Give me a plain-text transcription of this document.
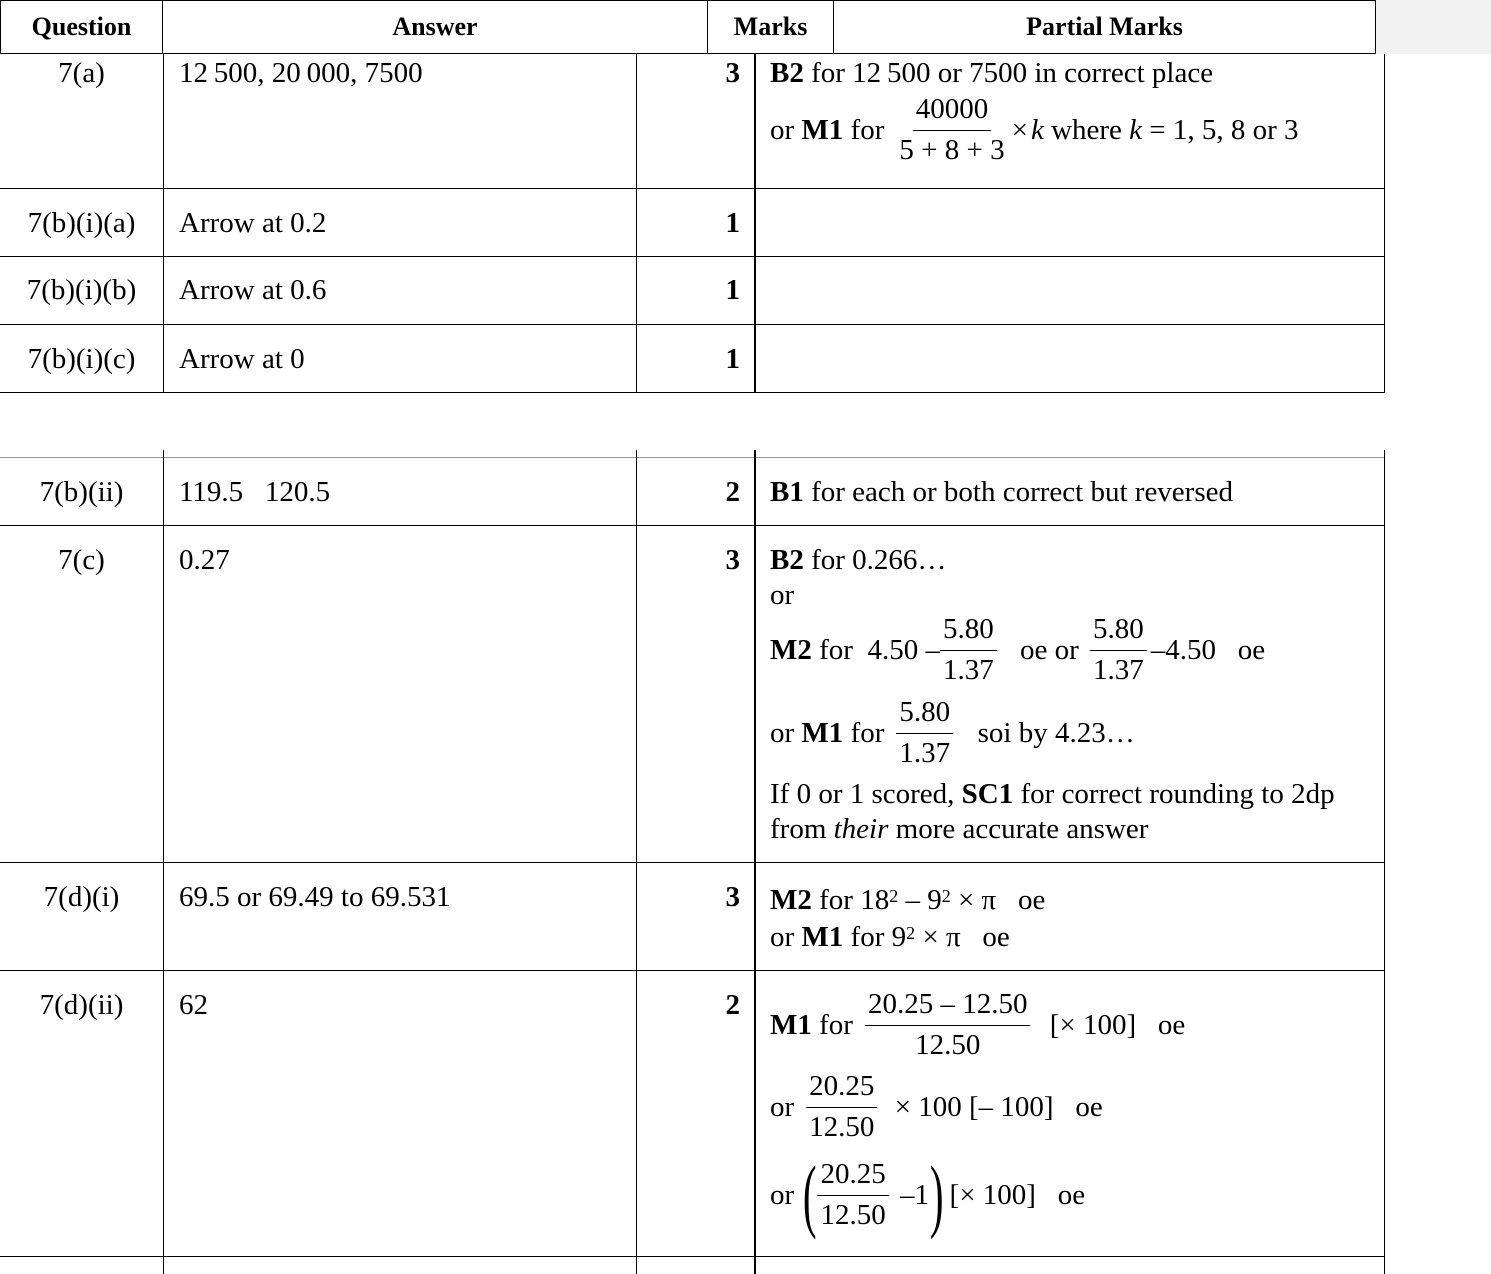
Question	Answer	Marks	Partial Marks
7(a)	12 500, 20 000, 7500	3 B2 for 12 500 or 7500 in correct place
or M1 for $\frac{40000}{5 + 8 + 3} \times k$ where k = 1, 5, 8 or 3
7(b)(i)(a)	Arrow at 0.2	1
7(b)(i)(b)	Arrow at 0.6	1
7(b)(i)(c)	Arrow at 0	1
7(b)(ii)	119.5   120.5	2 B1 for each or both correct but reversed
7(c)	0.27	3 B2 for 0.266…
or
M2 for  $4.50 - \frac{5.80}{1.37}$ oe or $\frac{5.80}{1.37} -4.50$   oe
or M1 for $\frac{5.80}{1.37}$ soi by 4.23…
If 0 or 1 scored, SC1 for correct rounding to 2dp
from their more accurate answer
7(d)(i)	69.5 or 69.49 to 69.531	3 M2 for $18^2 - 9^2 \times \pi$   oe
or M1 for $9^2 \times \pi$   oe
7(d)(ii)	62	2
M1 for $\frac{20.25 - 12.50}{12.50}$ [× 100]   oe
or $\frac{20.25}{12.50} \times 100$ [– 100]   oe
or ( $\frac{20.25}{12.50} -1$ )
[× 100]   oe
